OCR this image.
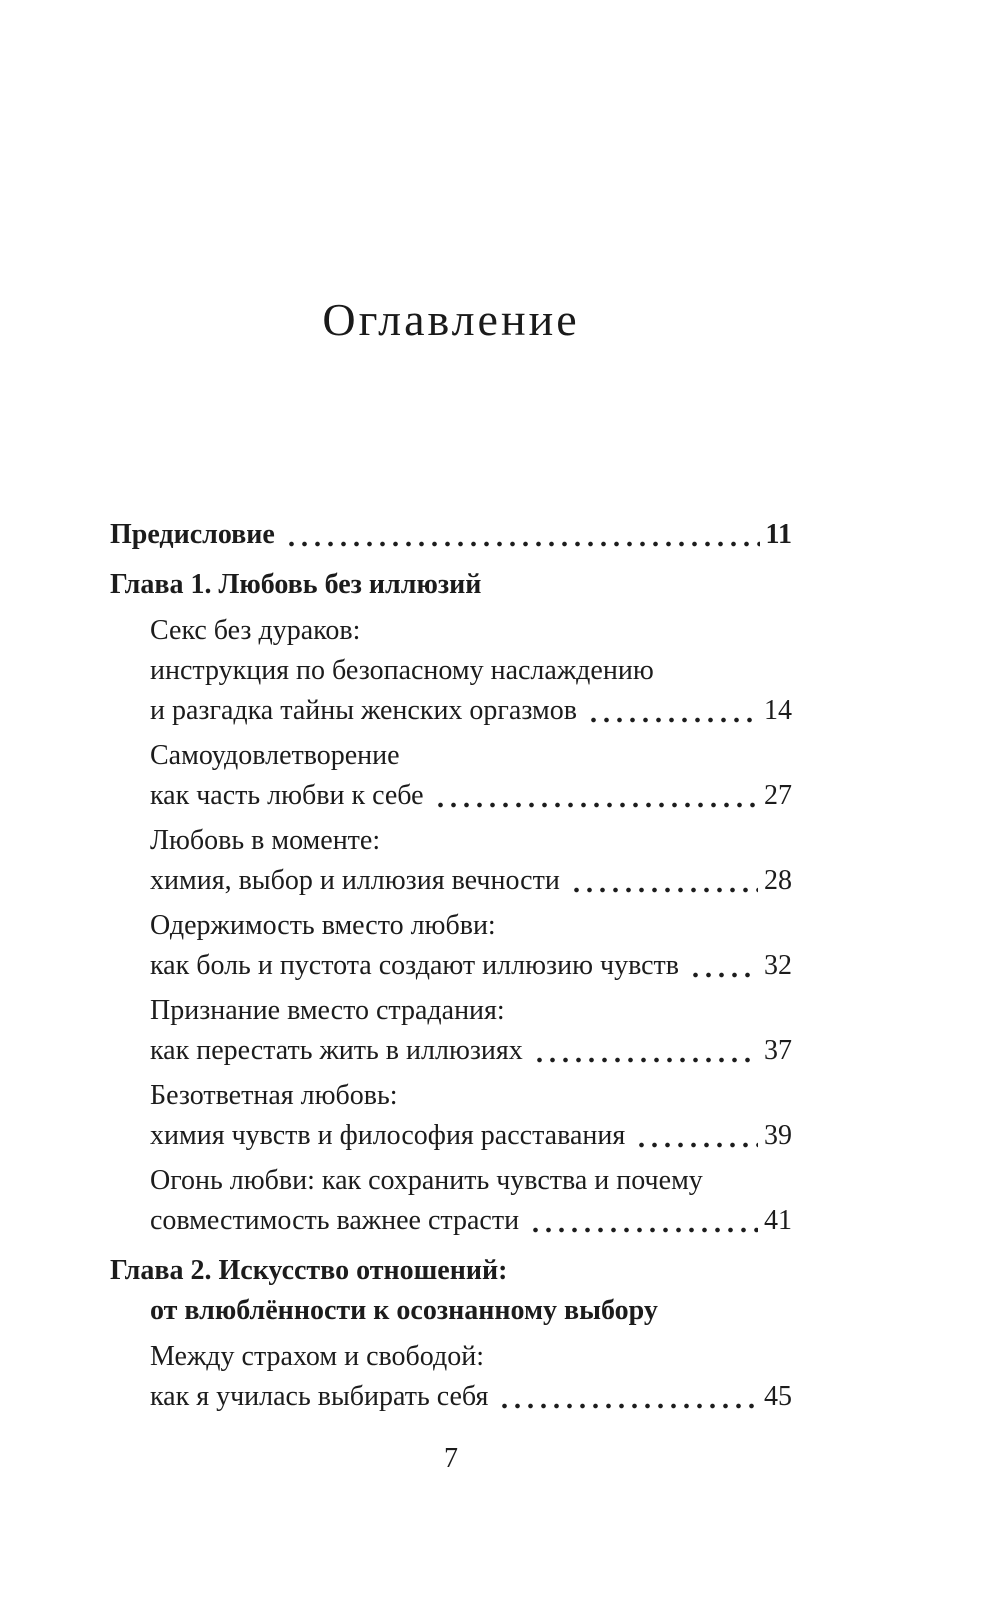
Оглавление
Предисловие	11
Глава 1. Любовь без иллюзий
Секс без дураков:
инструкция по безопасному наслаждению
и разгадка тайны женских оргазмов	14
Самоудовлетворение
как часть любви к себе	27
Любовь в моменте:
химия, выбор и иллюзия вечности	28
Одержимость вместо любви:
как боль и пустота создают иллюзию чувств	32
Признание вместо страдания:
как перестать жить в иллюзиях	37
Безответная любовь:
химия чувств и философия расставания	39
Огонь любви: как сохранить чувства и почему
совместимость важнее страсти	41
Глава 2. Искусство отношений:
от влюблённости к осознанному выбору
Между страхом и свободой:
как я училась выбирать себя	45
7
